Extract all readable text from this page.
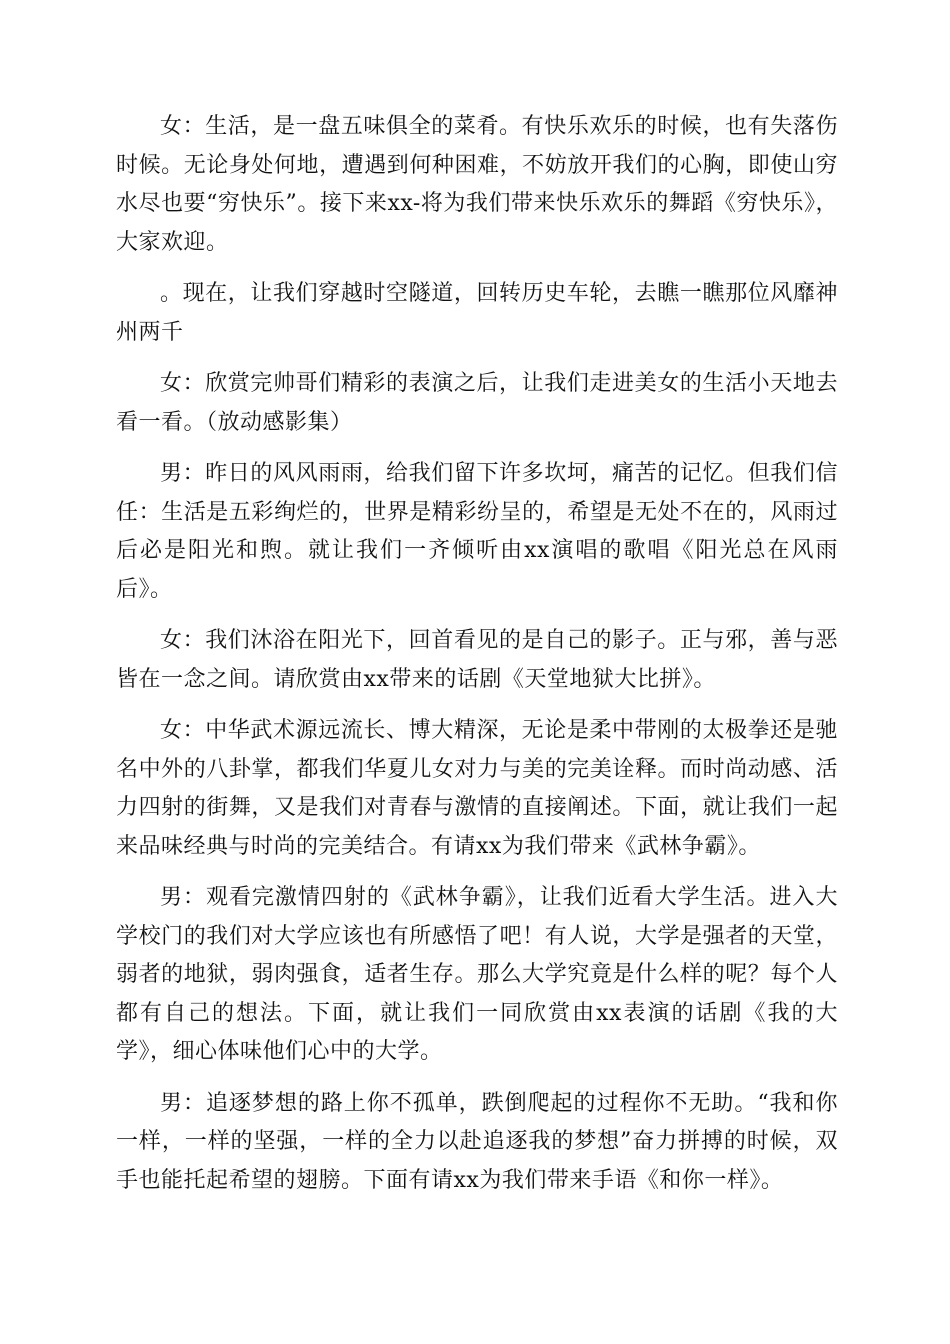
女：生活，是一盘五味俱全的菜肴。有快乐欢乐的时候，也有失落伤时候。无论身处何地，遭遇到何种困难，不妨放开我们的心胸，即使山穷水尽也要“穷快乐”。接下来xx-将为我们带来快乐欢乐的舞蹈《穷快乐》，大家欢迎。

。现在，让我们穿越时空隧道，回转历史车轮，去瞧一瞧那位风靡神州两千

女：欣赏完帅哥们精彩的表演之后，让我们走进美女的生活小天地去看一看。（放动感影集）

男：昨日的风风雨雨，给我们留下许多坎坷，痛苦的记忆。但我们信任：生活是五彩绚烂的，世界是精彩纷呈的，希望是无处不在的，风雨过后必是阳光和煦。就让我们一齐倾听由xx演唱的歌唱《阳光总在风雨后》。

女：我们沐浴在阳光下，回首看见的是自己的影子。正与邪，善与恶皆在一念之间。请欣赏由xx带来的话剧《天堂地狱大比拼》。

女：中华武术源远流长、博大精深，无论是柔中带刚的太极拳还是驰名中外的八卦掌，都我们华夏儿女对力与美的完美诠释。而时尚动感、活力四射的街舞，又是我们对青春与激情的直接阐述。下面，就让我们一起来品味经典与时尚的完美结合。有请xx为我们带来《武林争霸》。

男：观看完激情四射的《武林争霸》，让我们近看大学生活。进入大学校门的我们对大学应该也有所感悟了吧！有人说，大学是强者的天堂，弱者的地狱，弱肉强食，适者生存。那么大学究竟是什么样的呢？每个人都有自己的想法。下面，就让我们一同欣赏由xx表演的话剧《我的大学》，细心体味他们心中的大学。

男：追逐梦想的路上你不孤单，跌倒爬起的过程你不无助。“我和你一样，一样的坚强，一样的全力以赴追逐我的梦想”奋力拼搏的时候，双手也能托起希望的翅膀。下面有请xx为我们带来手语《和你一样》。
